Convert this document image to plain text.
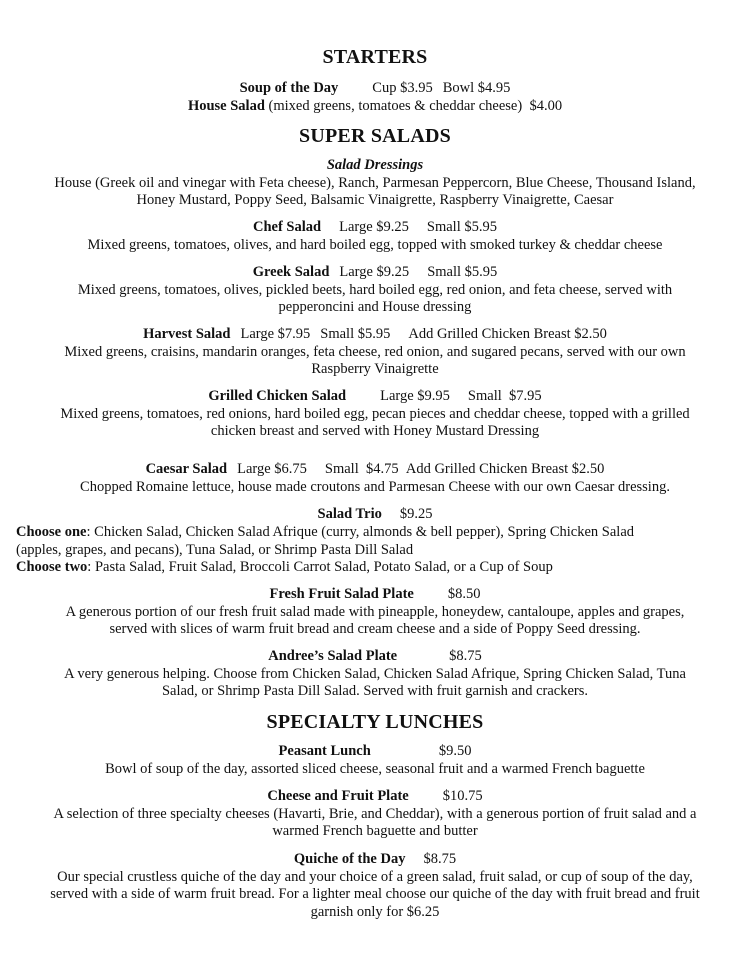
STARTERS
Soup of the Day Cup $3.95 Bowl $4.95
House Salad (mixed greens, tomatoes & cheddar cheese) $4.00
SUPER SALADS
Salad Dressings
House (Greek oil and vinegar with Feta cheese), Ranch, Parmesan Peppercorn, Blue Cheese, Thousand Island,
Honey Mustard, Poppy Seed, Balsamic Vinaigrette, Raspberry Vinaigrette, Caesar
Chef Salad Large $9.25 Small $5.95
Mixed greens, tomatoes, olives, and hard boiled egg, topped with smoked turkey & cheddar cheese
Greek Salad Large $9.25 Small $5.95
Mixed greens, tomatoes, olives, pickled beets, hard boiled egg, red onion, and feta cheese, served with
pepperoncini and House dressing
Harvest Salad Large $7.95 Small $5.95 Add Grilled Chicken Breast $2.50
Mixed greens, craisins, mandarin oranges, feta cheese, red onion, and sugared pecans, served with our own
Raspberry Vinaigrette
Grilled Chicken Salad Large $9.95 Small $7.95
Mixed greens, tomatoes, red onions, hard boiled egg, pecan pieces and cheddar cheese, topped with a grilled
chicken breast and served with Honey Mustard Dressing
Caesar Salad Large $6.75 Small $4.75 Add Grilled Chicken Breast $2.50
Chopped Romaine lettuce, house made croutons and Parmesan Cheese with our own Caesar dressing.
Salad Trio $9.25
Choose one: Chicken Salad, Chicken Salad Afrique (curry, almonds & bell pepper), Spring Chicken Salad
(apples, grapes, and pecans), Tuna Salad, or Shrimp Pasta Dill Salad
Choose two: Pasta Salad, Fruit Salad, Broccoli Carrot Salad, Potato Salad, or a Cup of Soup
Fresh Fruit Salad Plate $8.50
A generous portion of our fresh fruit salad made with pineapple, honeydew, cantaloupe, apples and grapes,
served with slices of warm fruit bread and cream cheese and a side of Poppy Seed dressing.
Andree’s Salad Plate	$8.75
A very generous helping. Choose from Chicken Salad, Chicken Salad Afrique, Spring Chicken Salad, Tuna
Salad, or Shrimp Pasta Dill Salad. Served with fruit garnish and crackers.
SPECIALTY LUNCHES
Peasant Lunch	$9.50
Bowl of soup of the day, assorted sliced cheese, seasonal fruit and a warmed French baguette
Cheese and Fruit Plate $10.75
A selection of three specialty cheeses (Havarti, Brie, and Cheddar), with a generous portion of fruit salad and a
warmed French baguette and butter
Quiche of the Day $8.75
Our special crustless quiche of the day and your choice of a green salad, fruit salad, or cup of soup of the day,
served with a side of warm fruit bread. For a lighter meal choose our quiche of the day with fruit bread and fruit
garnish only for $6.25
